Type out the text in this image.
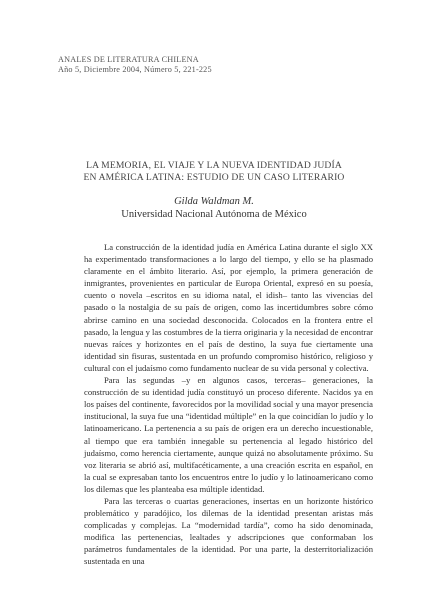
ANALES DE LITERATURA CHILENA
Año 5, Diciembre 2004, Número 5, 221-225
LA MEMORIA, EL VIAJE Y LA NUEVA IDENTIDAD JUDÍA
EN AMÉRICA LATINA: ESTUDIO DE UN CASO LITERARIO
Gilda Waldman M.
Universidad Nacional Autónoma de México

La construcción de la identidad judía en América Latina durante el siglo XX ha experimentado transformaciones a lo largo del tiempo, y ello se ha plasmado claramente en el ámbito literario. Así, por ejemplo, la primera generación de inmigrantes, provenientes en particular de Europa Oriental, expresó en su poesía, cuento o novela –escritos en su idioma natal, el idish– tanto las vivencias del pasado o la nostalgia de su país de origen, como las incertidumbres sobre cómo abrirse camino en una sociedad desconocida. Colocados en la frontera entre el pasado, la lengua y las costumbres de la tierra originaria y la necesidad de encontrar nuevas raíces y horizontes en el país de destino, la suya fue ciertamente una identidad sin fisuras, sustentada en un profundo compromiso histórico, religioso y cultural con el judaísmo como fundamento nuclear de su vida personal y colectiva.

Para las segundas –y en algunos casos, terceras– generaciones, la construcción de su identidad judía constituyó un proceso diferente. Nacidos ya en los países del continente, favorecidos por la movilidad social y una mayor presencia institucional, la suya fue una “identidad múltiple” en la que coincidían lo judío y lo latinoamericano. La pertenencia a su país de origen era un derecho incuestionable, al tiempo que era también innegable su pertenencia al legado histórico del judaísmo, como herencia ciertamente, aunque quizá no absolutamente próximo. Su voz literaria se abrió así, multifacéticamente, a una creación escrita en español, en la cual se expresaban tanto los encuentros entre lo judío y lo latinoamericano como los dilemas que les planteaba esa múltiple identidad.

Para las terceras o cuartas generaciones, insertas en un horizonte histórico problemático y paradójico, los dilemas de la identidad presentan aristas más complicadas y complejas. La “modernidad tardía”, como ha sido denominada, modifica las pertenencias, lealtades y adscripciones que conformaban los parámetros fundamentales de la identidad. Por una parte, la desterritorialización sustentada en una
